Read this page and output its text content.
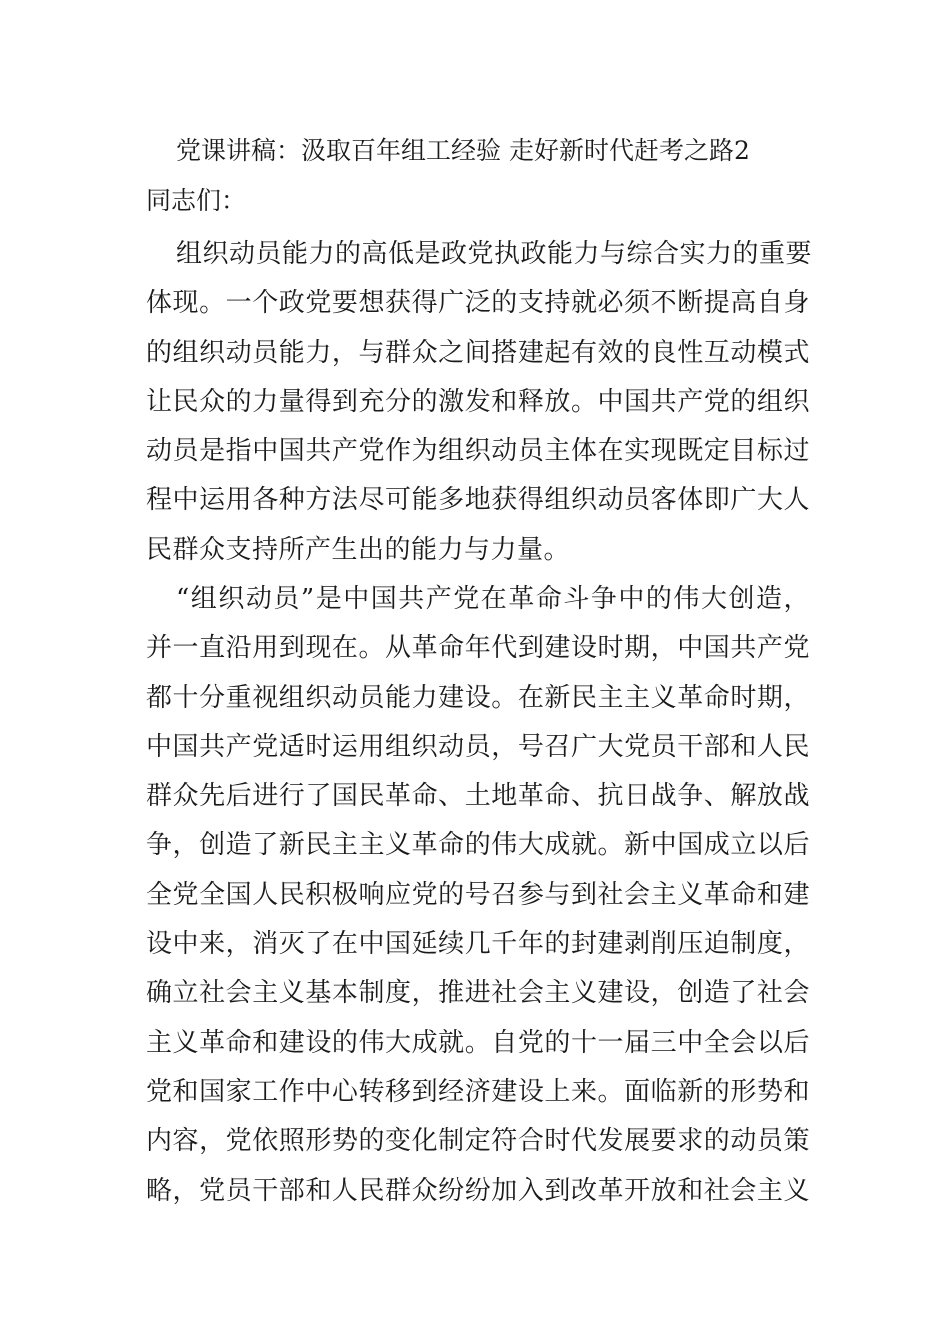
党课讲稿：汲取百年组工经验 走好新时代赶考之路2
同志们：
组织动员能力的高低是政党执政能力与综合实力的重要
体现。一个政党要想获得广泛的支持就必须不断提高自身
的组织动员能力，与群众之间搭建起有效的良性互动模式
让民众的力量得到充分的激发和释放。中国共产党的组织
动员是指中国共产党作为组织动员主体在实现既定目标过
程中运用各种方法尽可能多地获得组织动员客体即广大人
民群众支持所产生出的能力与力量。
“组织动员”是中国共产党在革命斗争中的伟大创造，
并一直沿用到现在。从革命年代到建设时期，中国共产党
都十分重视组织动员能力建设。在新民主主义革命时期，
中国共产党适时运用组织动员，号召广大党员干部和人民
群众先后进行了国民革命、土地革命、抗日战争、解放战
争，创造了新民主主义革命的伟大成就。新中国成立以后
全党全国人民积极响应党的号召参与到社会主义革命和建
设中来，消灭了在中国延续几千年的封建剥削压迫制度，
确立社会主义基本制度，推进社会主义建设，创造了社会
主义革命和建设的伟大成就。自党的十一届三中全会以后
党和国家工作中心转移到经济建设上来。面临新的形势和
内容，党依照形势的变化制定符合时代发展要求的动员策
略，党员干部和人民群众纷纷加入到改革开放和社会主义
